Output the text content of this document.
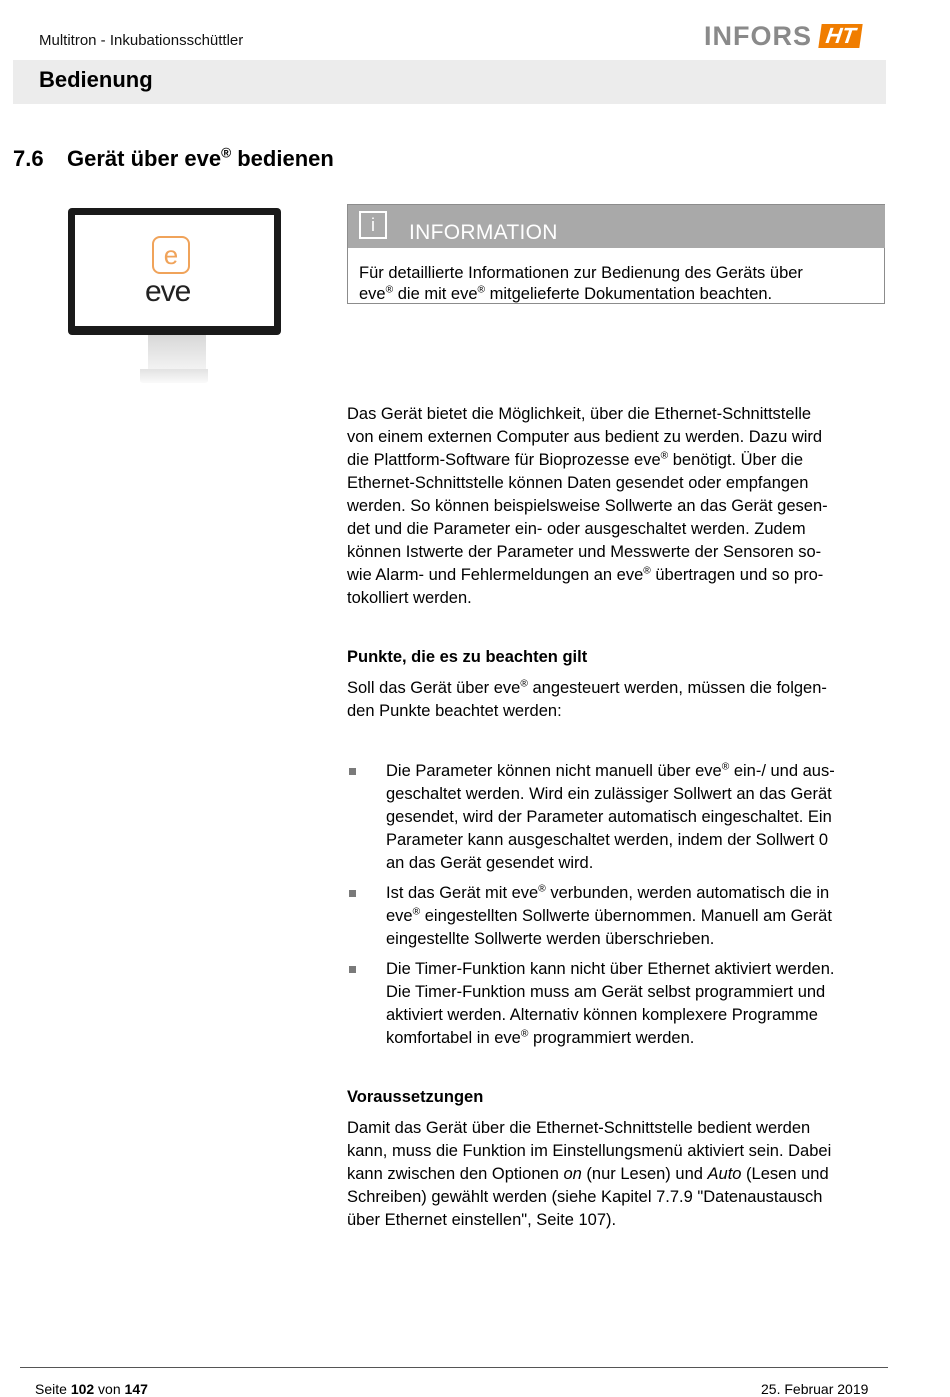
Multitron - Inkubationsschüttler	INFORS HT
Bedienung
7.6 Gerät über eve® bedienen
e
eve
i	INFORMATION
Für detaillierte Informationen zur Bedienung des Geräts über
eve® die mit eve® mitgelieferte Dokumentation beachten.
Das Gerät bietet die Möglichkeit, über die Ethernet-Schnittstelle
von einem externen Computer aus bedient zu werden. Dazu wird
die Plattform-Software für Bioprozesse eve® benötigt. Über die
Ethernet-Schnittstelle können Daten gesendet oder empfangen
werden. So können beispielsweise Sollwerte an das Gerät gesen-
det und die Parameter ein- oder ausgeschaltet werden. Zudem
können Istwerte der Parameter und Messwerte der Sensoren so-
wie Alarm- und Fehlermeldungen an eve® übertragen und so pro-
tokolliert werden.
Punkte, die es zu beachten gilt
Soll das Gerät über eve® angesteuert werden, müssen die folgen-
den Punkte beachtet werden:
Die Parameter können nicht manuell über eve® ein-/ und aus-
geschaltet werden. Wird ein zulässiger Sollwert an das Gerät
gesendet, wird der Parameter automatisch eingeschaltet. Ein
Parameter kann ausgeschaltet werden, indem der Sollwert 0
an das Gerät gesendet wird.
Ist das Gerät mit eve® verbunden, werden automatisch die in
eve® eingestellten Sollwerte übernommen. Manuell am Gerät
eingestellte Sollwerte werden überschrieben.
Die Timer-Funktion kann nicht über Ethernet aktiviert werden.
Die Timer-Funktion muss am Gerät selbst programmiert und
aktiviert werden. Alternativ können komplexere Programme
komfortabel in eve® programmiert werden.
Voraussetzungen
Damit das Gerät über die Ethernet-Schnittstelle bedient werden
kann, muss die Funktion im Einstellungsmenü aktiviert sein. Dabei
kann zwischen den Optionen on (nur Lesen) und Auto (Lesen und
Schreiben) gewählt werden (siehe Kapitel 7.7.9 "Datenaustausch
über Ethernet einstellen", Seite 107).
Seite 102 von 147	25. Februar 2019
